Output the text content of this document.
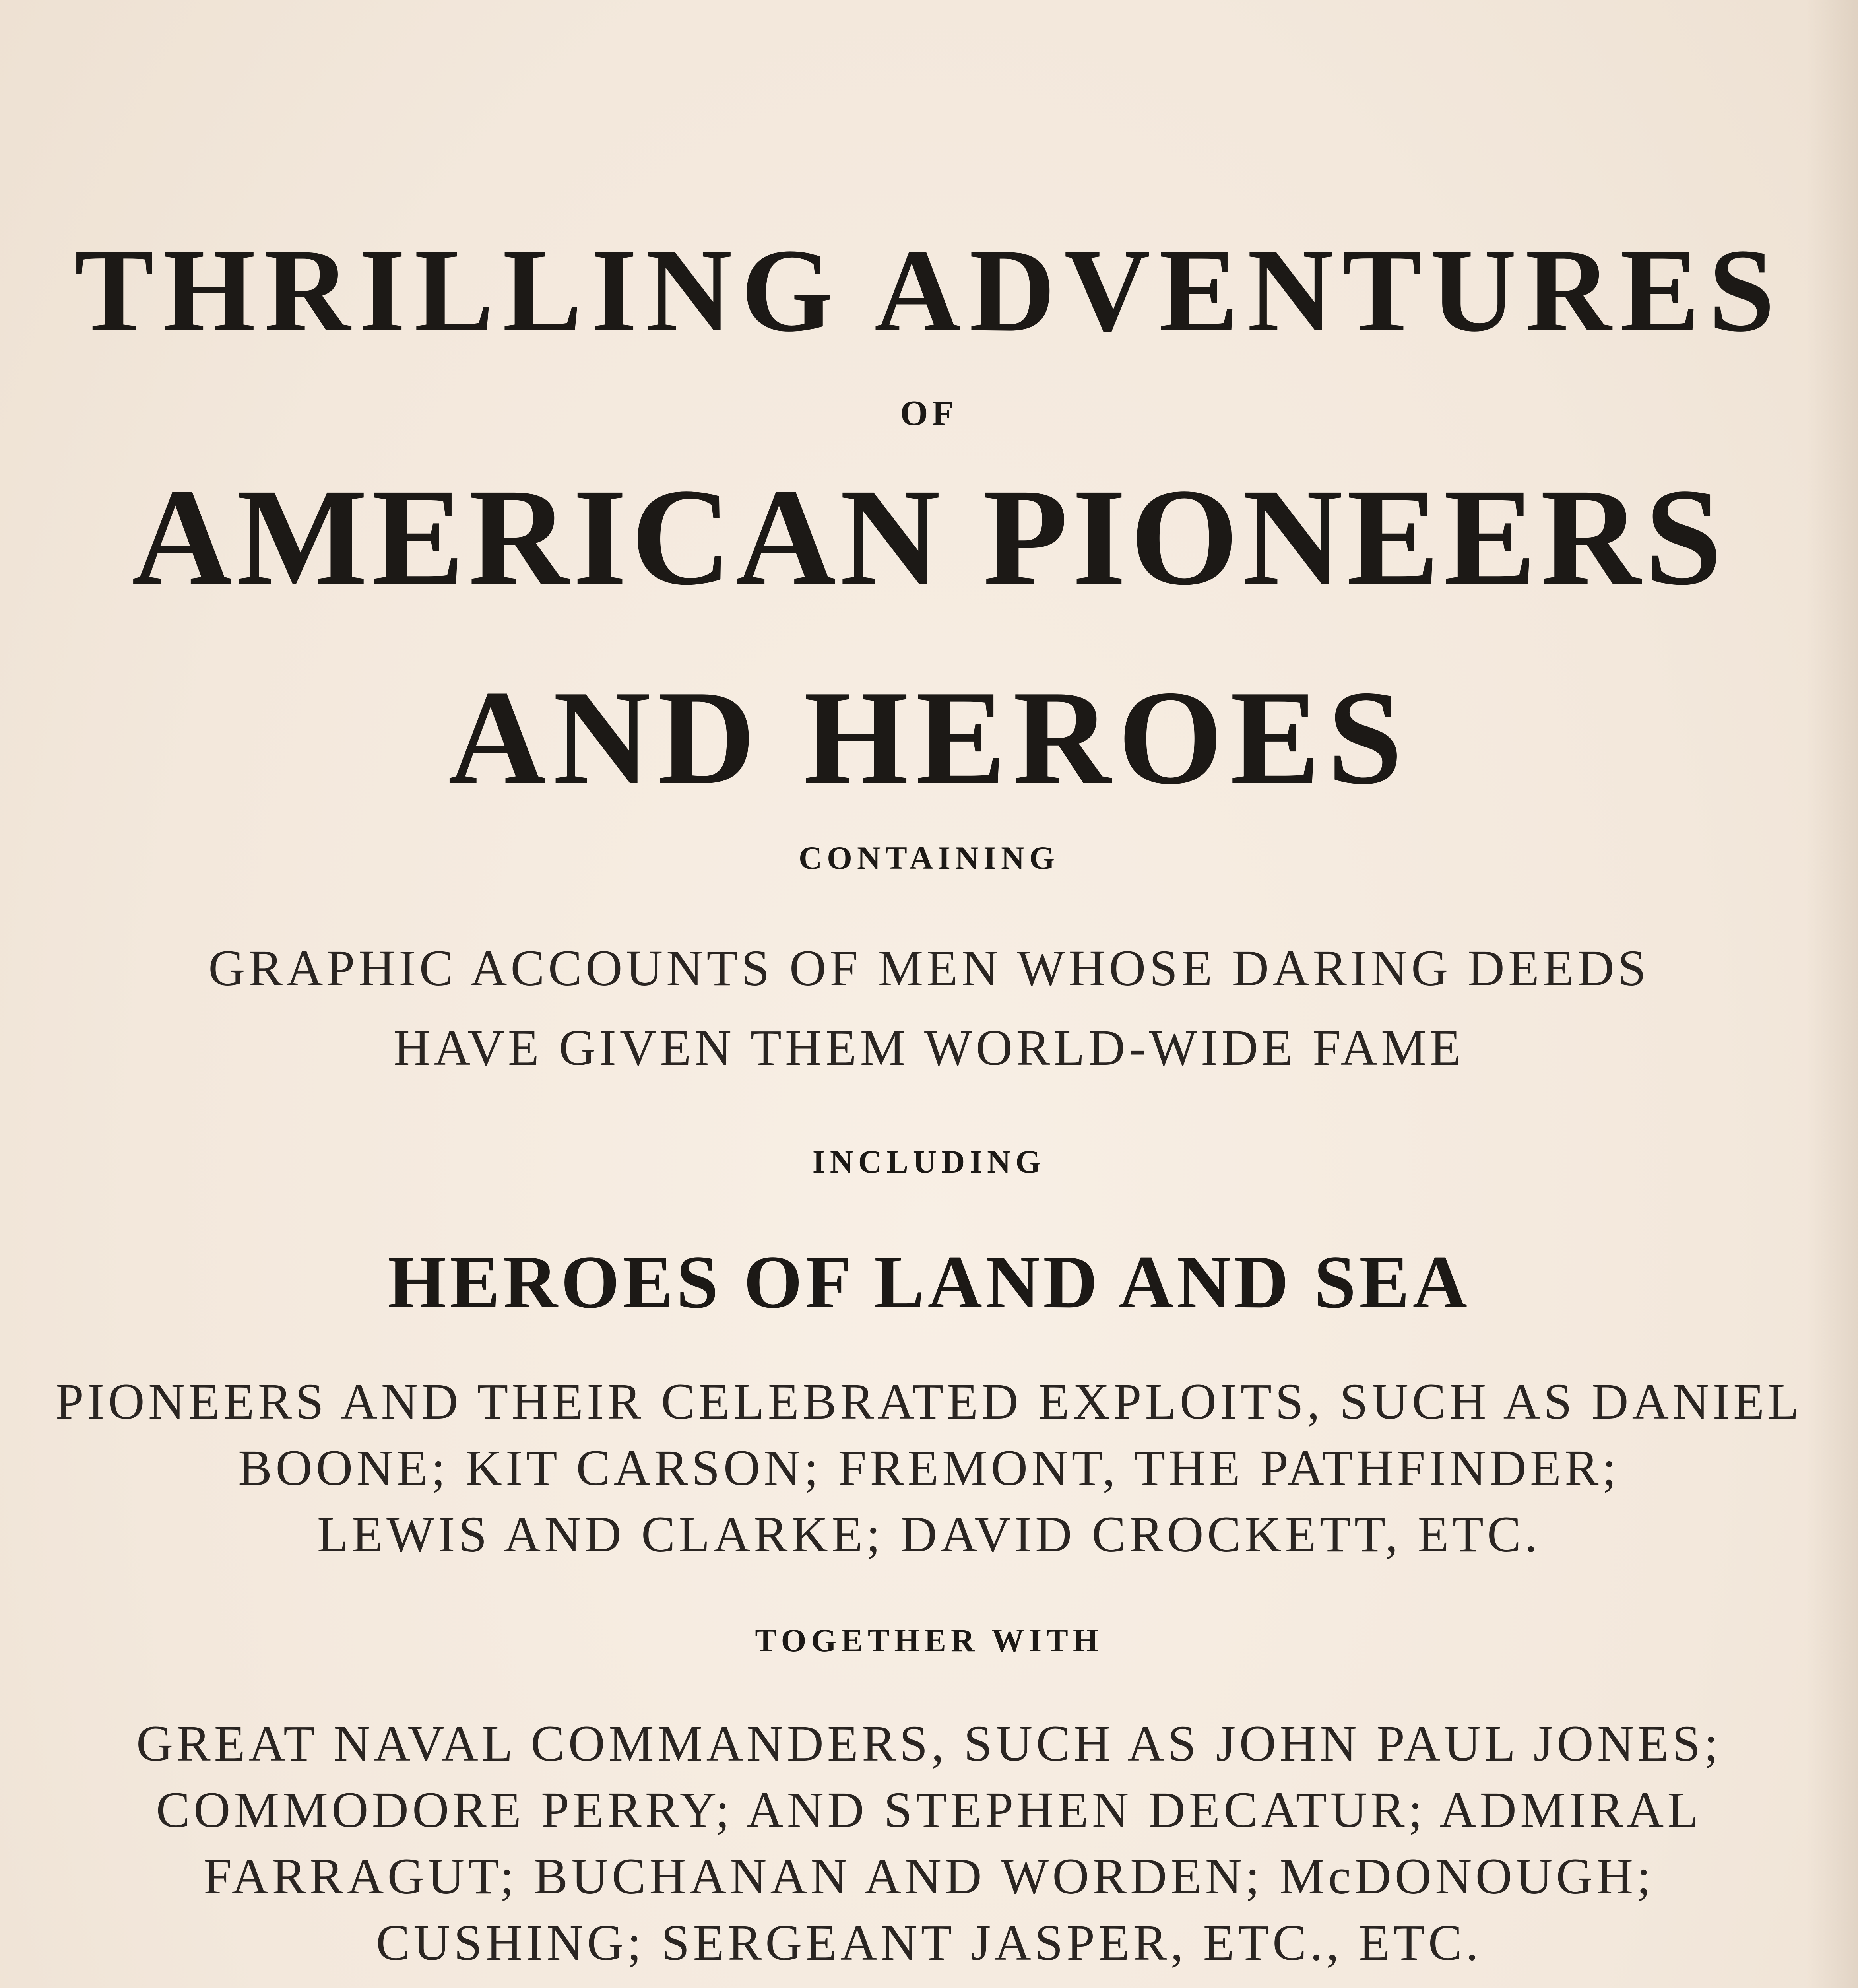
THRILLING ADVENTURES
OF
AMERICAN PIONEERS
AND HEROES
CONTAINING
GRAPHIC ACCOUNTS OF MEN WHOSE DARING DEEDS
HAVE GIVEN THEM WORLD-WIDE FAME
INCLUDING
HEROES OF LAND AND SEA
PIONEERS AND THEIR CELEBRATED EXPLOITS, SUCH AS DANIEL
BOONE; KIT CARSON; FREMONT, THE PATHFINDER;
LEWIS AND CLARKE; DAVID CROCKETT, ETC.
TOGETHER WITH
GREAT NAVAL COMMANDERS, SUCH AS JOHN PAUL JONES;
COMMODORE PERRY; AND STEPHEN DECATUR; ADMIRAL
FARRAGUT; BUCHANAN AND WORDEN; McDONOUGH;
CUSHING; SERGEANT JASPER, ETC., ETC.
